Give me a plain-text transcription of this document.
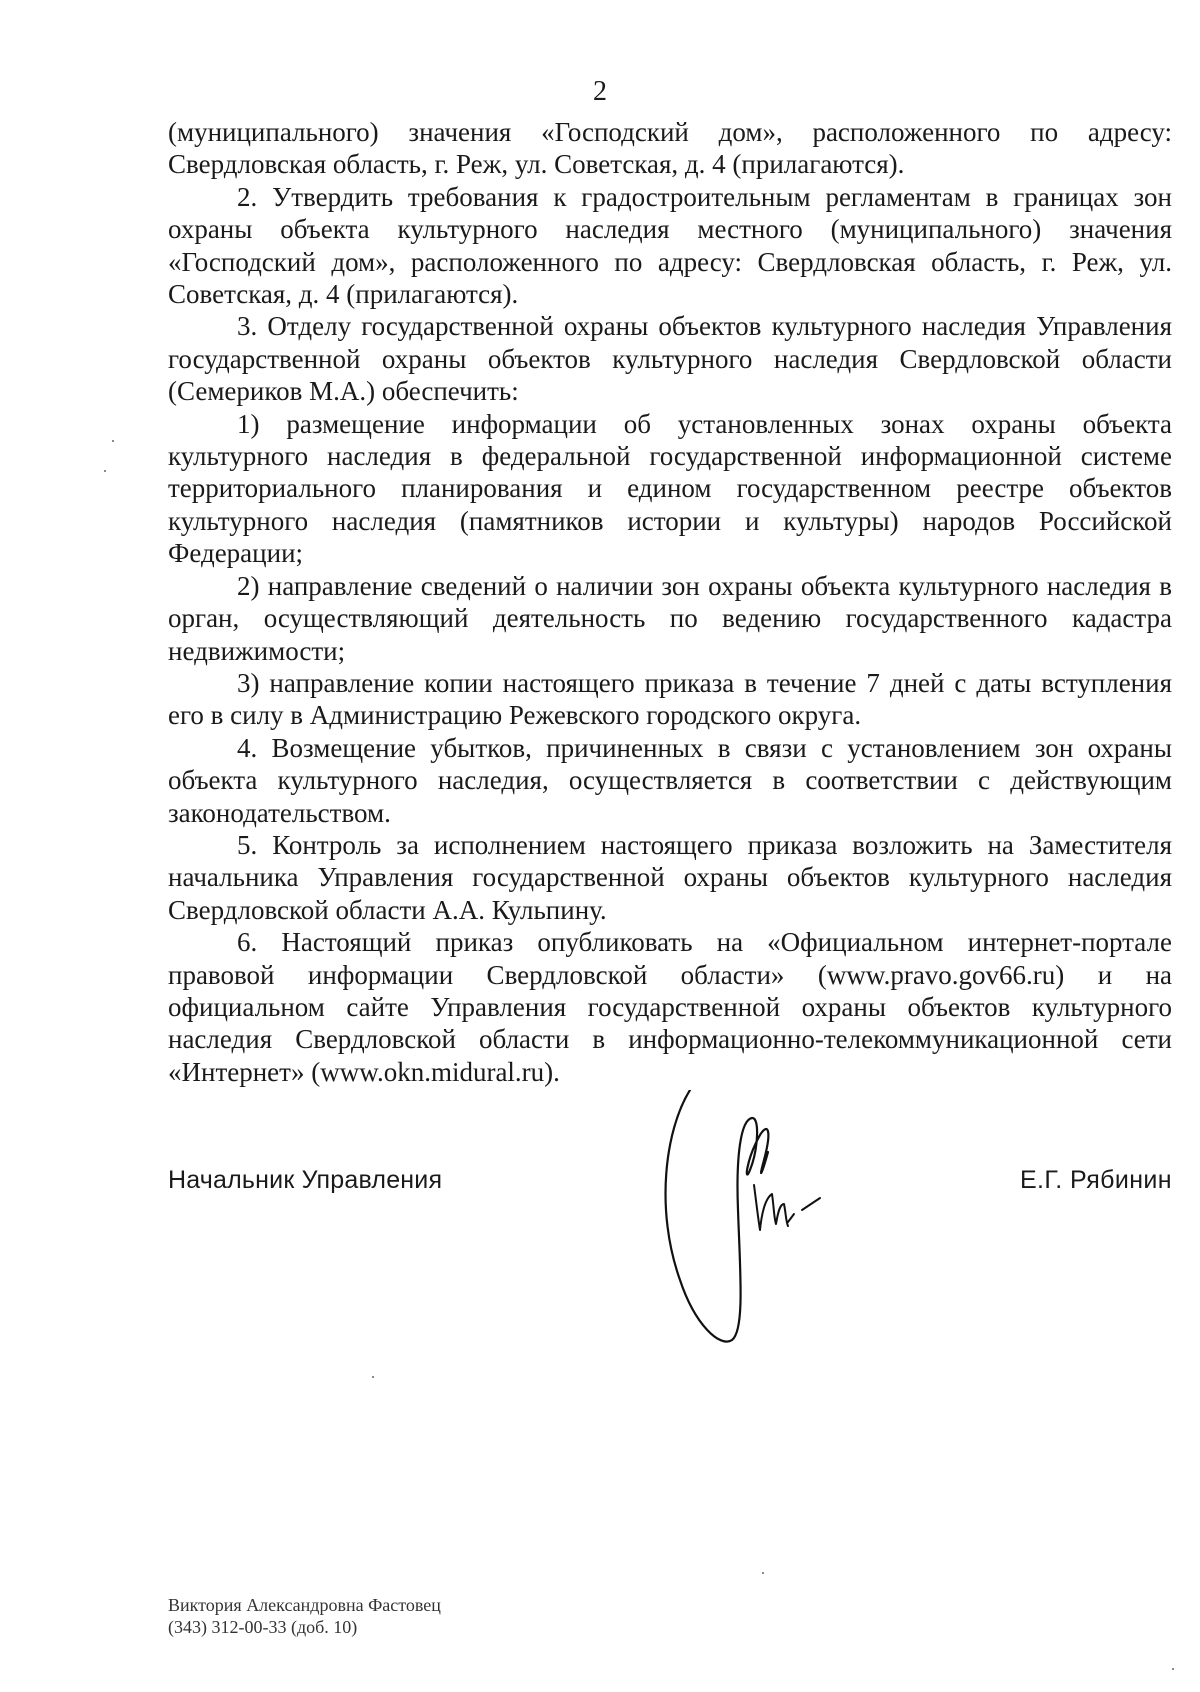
2

(муниципального) значения «Господский дом», расположенного по адресу: Свердловская область, г. Реж, ул. Советская, д. 4 (прилагаются).

2. Утвердить требования к градостроительным регламентам в границах зон охраны объекта культурного наследия местного (муниципального) значения «Господский дом», расположенного по адресу: Свердловская область, г. Реж, ул. Советская, д. 4 (прилагаются).

3. Отделу государственной охраны объектов культурного наследия Управления государственной охраны объектов культурного наследия Свердловской области (Семериков М.А.) обеспечить:

1) размещение информации об установленных зонах охраны объекта культурного наследия в федеральной государственной информационной системе территориального планирования и едином государственном реестре объектов культурного наследия (памятников истории и культуры) народов Российской Федерации;

2) направление сведений о наличии зон охраны объекта культурного наследия в орган, осуществляющий деятельность по ведению государственного кадастра недвижимости;

3) направление копии настоящего приказа в течение 7 дней с даты вступления его в силу в Администрацию Режевского городского округа.

4. Возмещение убытков, причиненных в связи с установлением зон охраны объекта культурного наследия, осуществляется в соответствии с действующим законодательством.

5. Контроль за исполнением настоящего приказа возложить на Заместителя начальника Управления государственной охраны объектов культурного наследия Свердловской области А.А. Кульпину.

6. Настоящий приказ опубликовать на «Официальном интернет-портале правовой информации Свердловской области» (www.pravo.gov66.ru) и на официальном сайте Управления государственной охраны объектов культурного наследия Свердловской области в информационно-телекоммуникационной сети «Интернет» (www.okn.midural.ru).

Начальник Управления	Е.Г. Рябинин
Виктория Александровна Фастовец
(343) 312-00-33 (доб. 10)
